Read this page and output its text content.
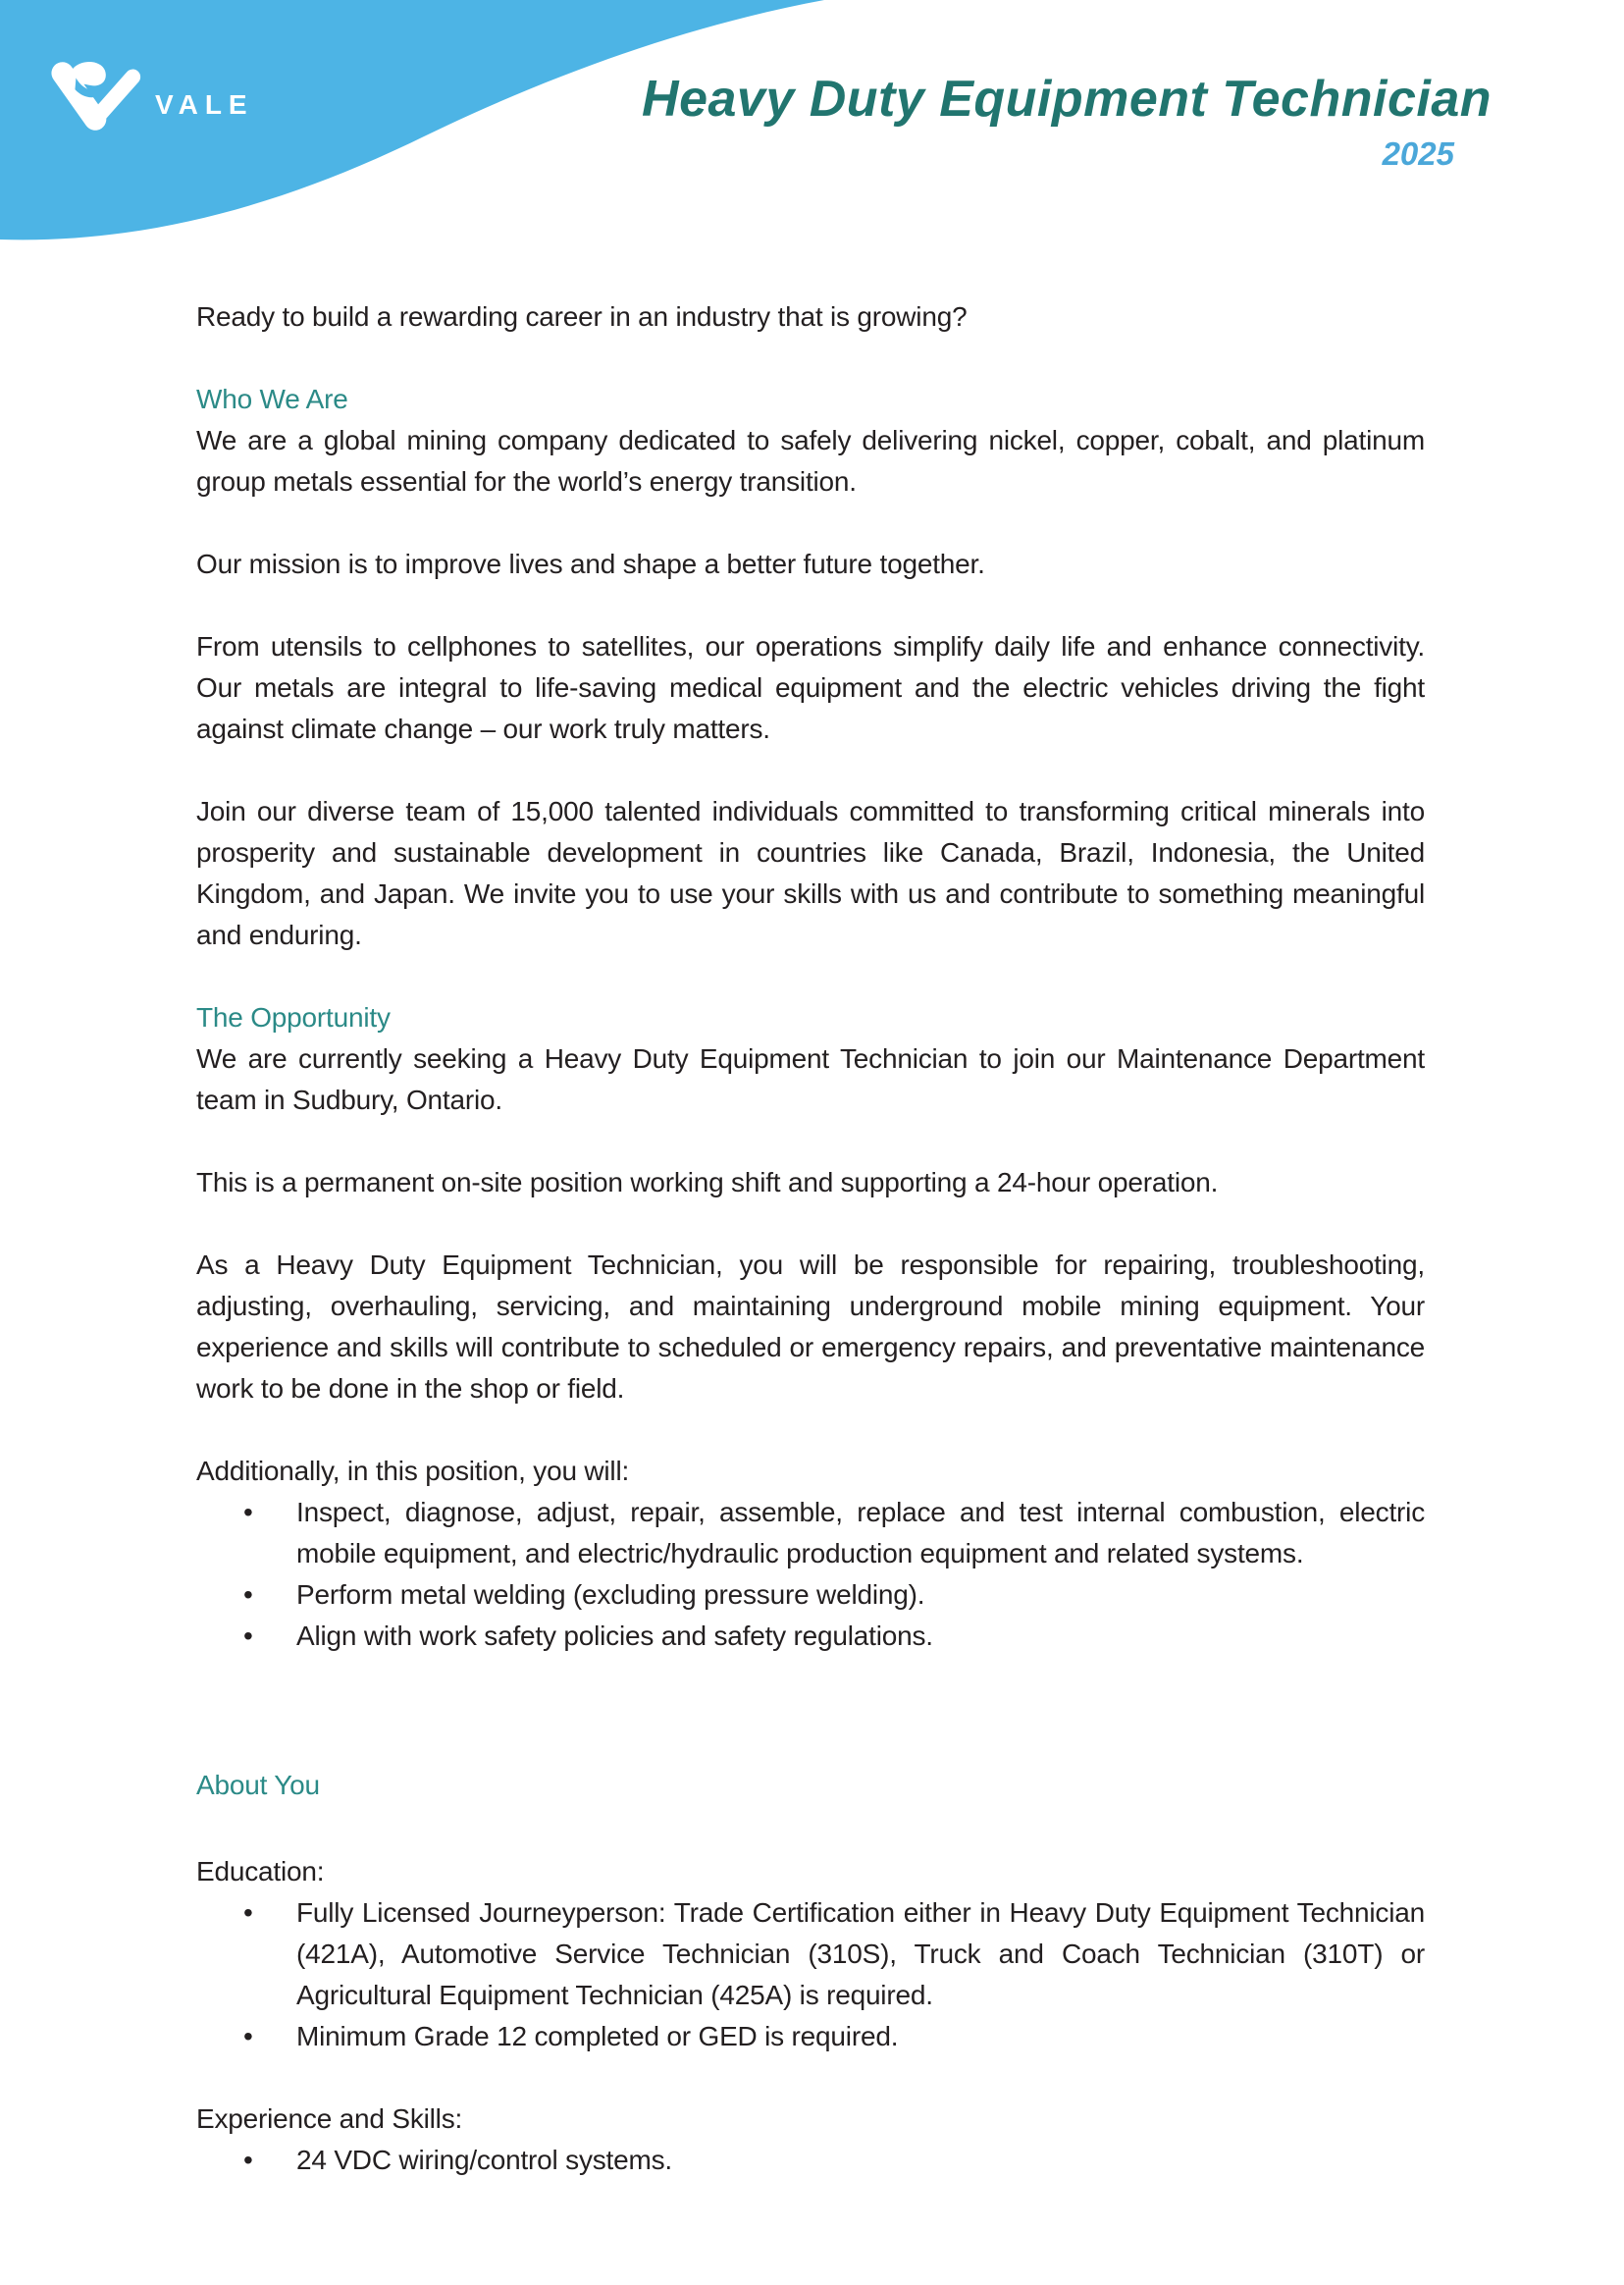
VALE	Heavy Duty Equipment Technician
2025

Ready to build a rewarding career in an industry that is growing?

Who We Are

We are a global mining company dedicated to safely delivering nickel, copper, cobalt, and platinum group metals essential for the world’s energy transition.

Our mission is to improve lives and shape a better future together.

From utensils to cellphones to satellites, our operations simplify daily life and enhance connectivity. Our metals are integral to life-saving medical equipment and the electric vehicles driving the fight against climate change – our work truly matters.

Join our diverse team of 15,000 talented individuals committed to transforming critical minerals into prosperity and sustainable development in countries like Canada, Brazil, Indonesia, the United Kingdom, and Japan. We invite you to use your skills with us and contribute to something meaningful and enduring.

The Opportunity

We are currently seeking a Heavy Duty Equipment Technician to join our Maintenance Department team in Sudbury, Ontario.

This is a permanent on-site position working shift and supporting a 24-hour operation.

As a Heavy Duty Equipment Technician, you will be responsible for repairing, troubleshooting, adjusting, overhauling, servicing, and maintaining underground mobile mining equipment. Your experience and skills will contribute to scheduled or emergency repairs, and preventative maintenance work to be done in the shop or field.

Additionally, in this position, you will:

• Inspect, diagnose, adjust, repair, assemble, replace and test internal combustion, electric mobile equipment, and electric/hydraulic production equipment and related systems.
• Perform metal welding (excluding pressure welding).
• Align with work safety policies and safety regulations.
About You

Education:

• Fully Licensed Journeyperson: Trade Certification either in Heavy Duty Equipment Technician (421A), Automotive Service Technician (310S), Truck and Coach Technician (310T) or Agricultural Equipment Technician (425A) is required.
• Minimum Grade 12 completed or GED is required.

Experience and Skills:

• 24 VDC wiring/control systems.
